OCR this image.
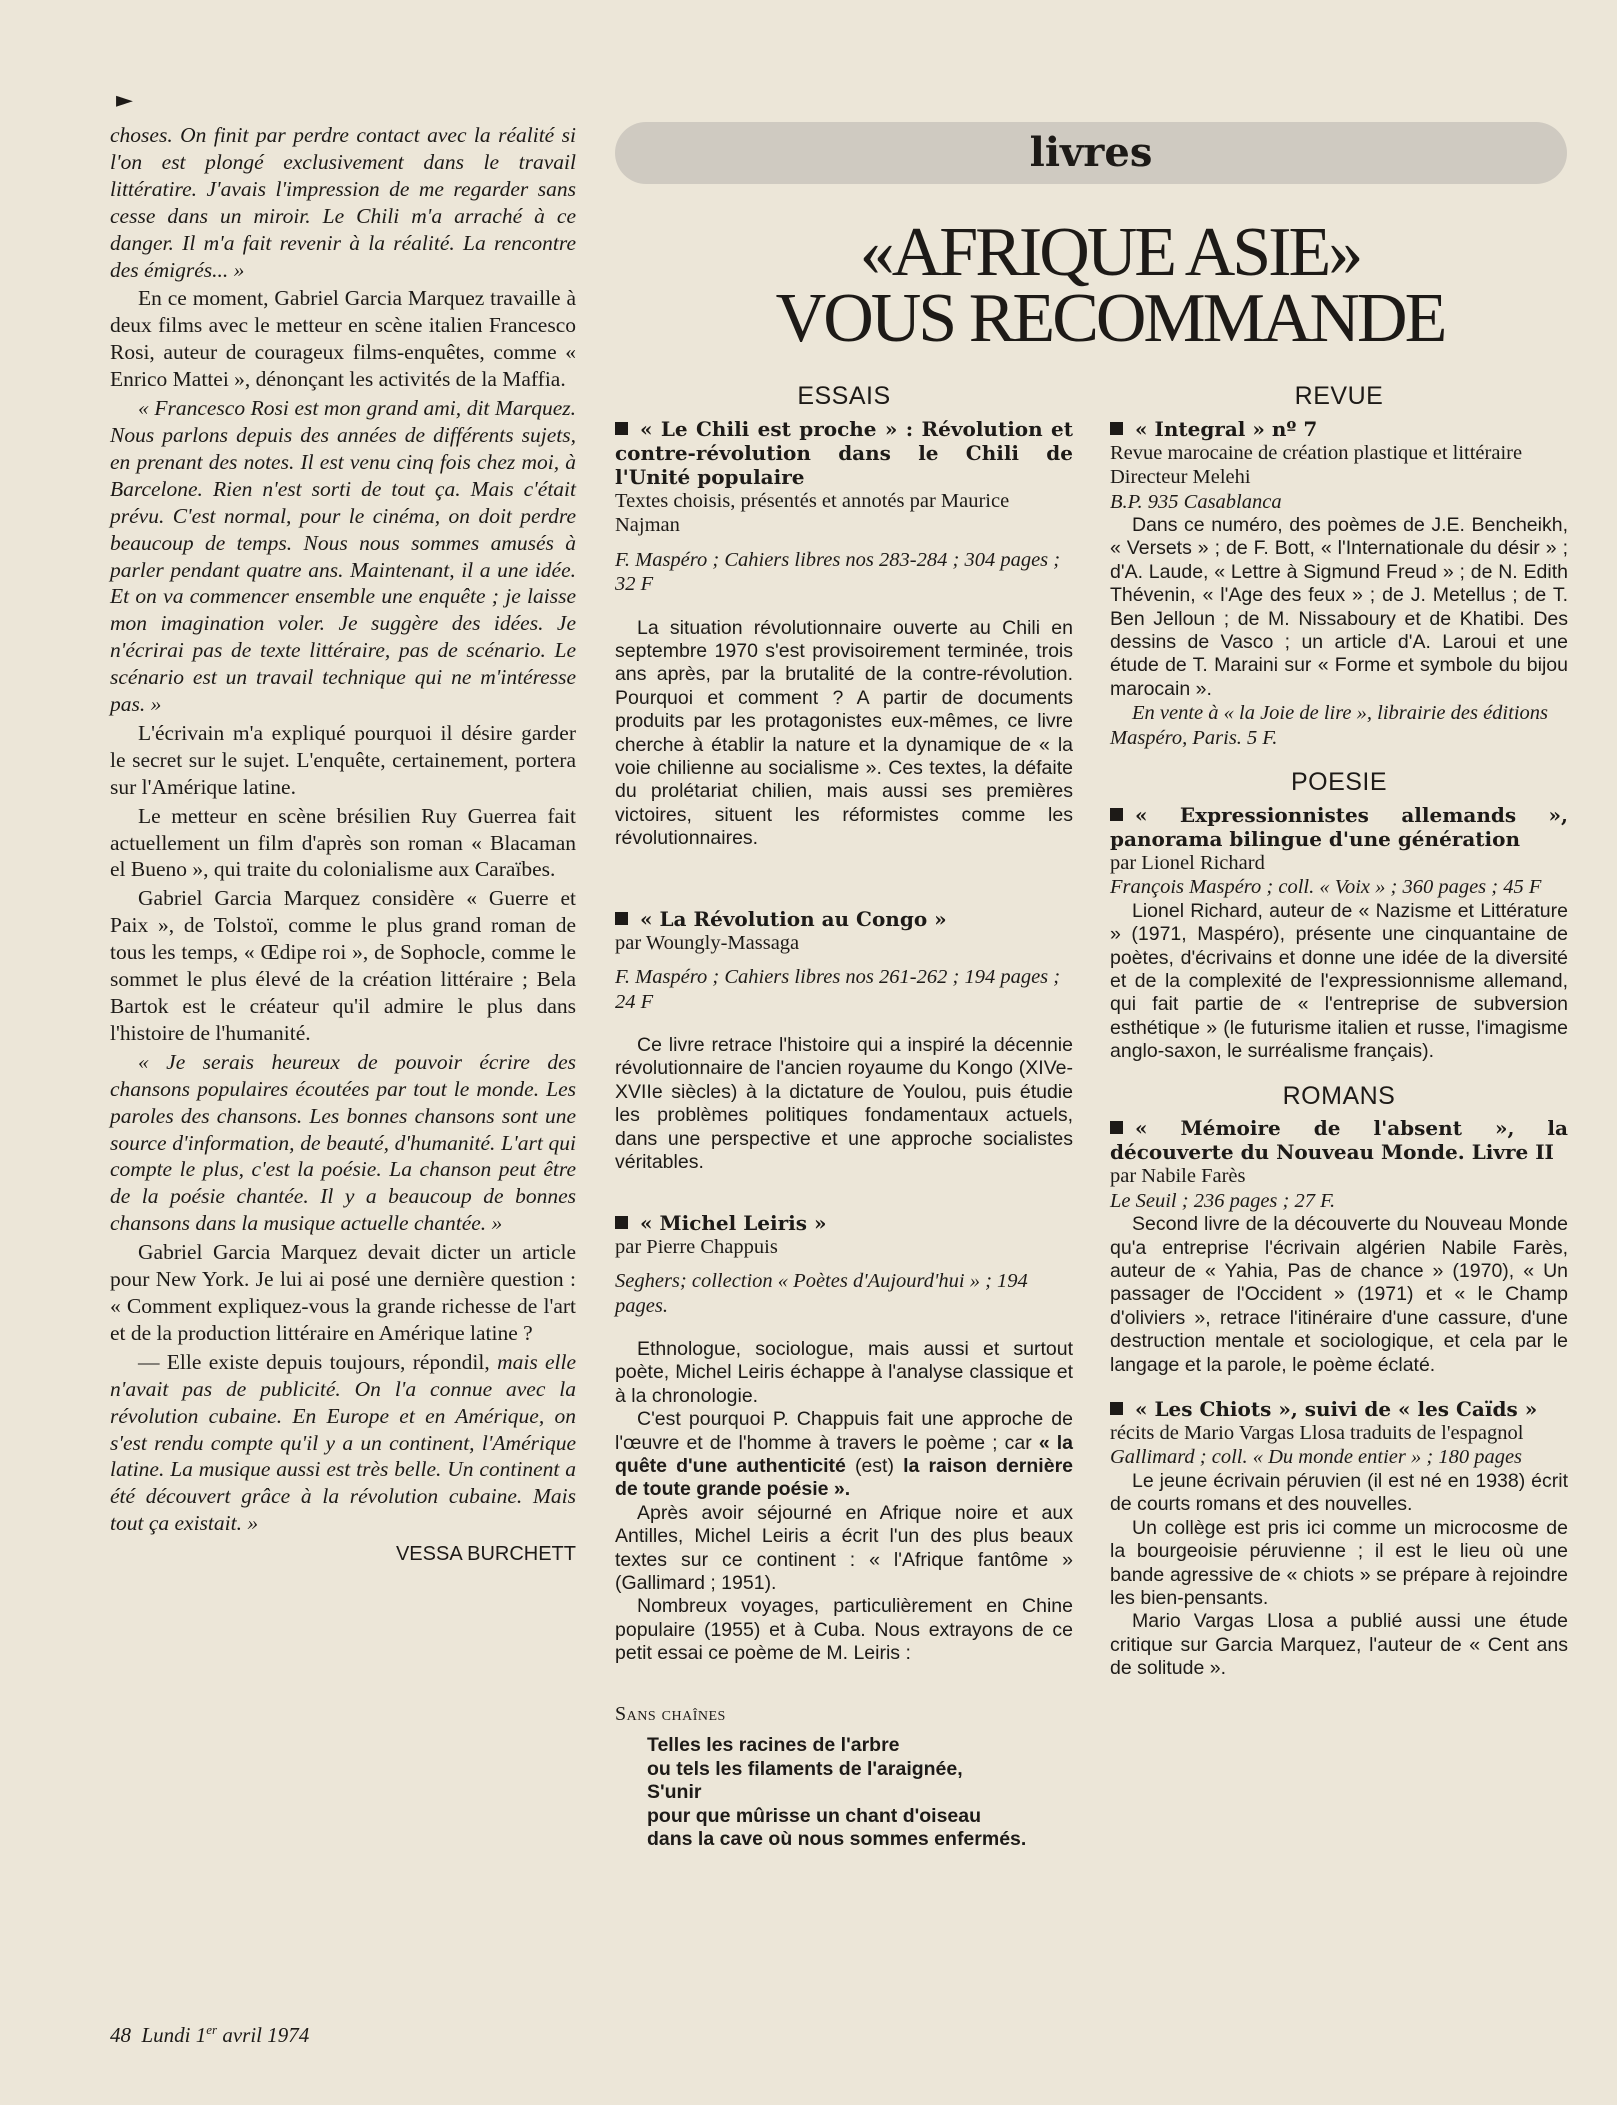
►

choses. On finit par perdre contact avec la réalité si l'on est plongé exclusivement dans le travail littératire. J'avais l'impression de me regarder sans cesse dans un miroir. Le Chili m'a arraché à ce danger. Il m'a fait revenir à la réalité. La rencontre des émigrés... »

En ce moment, Gabriel Garcia Marquez travaille à deux films avec le metteur en scène italien Francesco Rosi, auteur de courageux films-enquêtes, comme « Enrico Mattei », dénonçant les activités de la Maffia.

« Francesco Rosi est mon grand ami, dit Marquez. Nous parlons depuis des années de différents sujets, en prenant des notes. Il est venu cinq fois chez moi, à Barcelone. Rien n'est sorti de tout ça. Mais c'était prévu. C'est normal, pour le cinéma, on doit perdre beaucoup de temps. Nous nous sommes amusés à parler pendant quatre ans. Maintenant, il a une idée. Et on va commencer ensemble une enquête ; je laisse mon imagination voler. Je suggère des idées. Je n'écrirai pas de texte littéraire, pas de scénario. Le scénario est un travail technique qui ne m'intéresse pas. »

L'écrivain m'a expliqué pourquoi il désire garder le secret sur le sujet. L'enquête, certainement, portera sur l'Amérique latine.

Le metteur en scène brésilien Ruy Guerrea fait actuellement un film d'après son roman « Blacaman el Bueno », qui traite du colonialisme aux Caraïbes.

Gabriel Garcia Marquez considère « Guerre et Paix », de Tolstoï, comme le plus grand roman de tous les temps, « Œdipe roi », de Sophocle, comme le sommet le plus élevé de la création littéraire ; Bela Bartok est le créateur qu'il admire le plus dans l'histoire de l'humanité.

« Je serais heureux de pouvoir écrire des chansons populaires écoutées par tout le monde. Les paroles des chansons. Les bonnes chansons sont une source d'information, de beauté, d'humanité. L'art qui compte le plus, c'est la poésie. La chanson peut être de la poésie chantée. Il y a beaucoup de bonnes chansons dans la musique actuelle chantée. »

Gabriel Garcia Marquez devait dicter un article pour New York. Je lui ai posé une dernière question : « Comment expliquez-vous la grande richesse de l'art et de la production littéraire en Amérique latine ?

— Elle existe depuis toujours, répondil, mais elle n'avait pas de publicité. On l'a connue avec la révolution cubaine. En Europe et en Amérique, on s'est rendu compte qu'il y a un continent, l'Amérique latine. La musique aussi est très belle. Un continent a été découvert grâce à la révolution cubaine. Mais tout ça existait. »

VESSA BURCHETT
48 Lundi 1er avril 1974
livres
«AFRIQUE ASIE»
VOUS RECOMMANDE
ESSAIS
« Le Chili est proche » : Révolution et contre-révolution dans le Chili de l'Unité populaire
Textes choisis, présentés et annotés par Maurice Najman
F. Maspéro ; Cahiers libres nos 283-284 ; 304 pages ; 32 F

La situation révolutionnaire ouverte au Chili en septembre 1970 s'est provisoirement terminée, trois ans après, par la brutalité de la contre-révolution. Pourquoi et comment ? A partir de documents produits par les protagonistes eux-mêmes, ce livre cherche à établir la nature et la dynamique de « la voie chilienne au socialisme ». Ces textes, la défaite du prolétariat chilien, mais aussi ses premières victoires, situent les réformistes comme les révolutionnaires.

« La Révolution au Congo »
par Woungly-Massaga
F. Maspéro ; Cahiers libres nos 261-262 ; 194 pages ; 24 F

Ce livre retrace l'histoire qui a inspiré la décennie révolutionnaire de l'ancien royaume du Kongo (XIVe-XVIIe siècles) à la dictature de Youlou, puis étudie les problèmes politiques fondamentaux actuels, dans une perspective et une approche socialistes véritables.

« Michel Leiris »
par Pierre Chappuis
Seghers; collection « Poètes d'Aujourd'hui » ; 194 pages.

Ethnologue, sociologue, mais aussi et surtout poète, Michel Leiris échappe à l'analyse classique et à la chronologie.

C'est pourquoi P. Chappuis fait une approche de l'œuvre et de l'homme à travers le poème ; car « la quête d'une authenticité (est) la raison dernière de toute grande poésie ».

Après avoir séjourné en Afrique noire et aux Antilles, Michel Leiris a écrit l'un des plus beaux textes sur ce continent : « l'Afrique fantôme » (Gallimard ; 1951).

Nombreux voyages, particulièrement en Chine populaire (1955) et à Cuba. Nous extrayons de ce petit essai ce poème de M. Leiris :

Sans chaînes
Telles les racines de l'arbre
ou tels les filaments de l'araignée,
S'unir
pour que mûrisse un chant d'oiseau
dans la cave où nous sommes enfermés.
REVUE
« Integral » nº 7
Revue marocaine de création plastique et littéraire
Directeur Melehi
B.P. 935 Casablanca

Dans ce numéro, des poèmes de J.E. Bencheikh, « Versets » ; de F. Bott, « l'Internationale du désir » ; d'A. Laude, « Lettre à Sigmund Freud » ; de N. Edith Thévenin, « l'Age des feux » ; de J. Metellus ; de T. Ben Jelloun ; de M. Nissaboury et de Khatibi. Des dessins de Vasco ; un article d'A. Laroui et une étude de T. Maraini sur « Forme et symbole du bijou marocain ».

En vente à « la Joie de lire », librairie des éditions Maspéro, Paris. 5 F.
POESIE
« Expressionnistes allemands », panorama bilingue d'une génération
par Lionel Richard
François Maspéro ; coll. « Voix » ; 360 pages ; 45 F

Lionel Richard, auteur de « Nazisme et Littérature » (1971, Maspéro), présente une cinquantaine de poètes, d'écrivains et donne une idée de la diversité et de la complexité de l'expressionnisme allemand, qui fait partie de « l'entreprise de subversion esthétique » (le futurisme italien et russe, l'imagisme anglo-saxon, le surréalisme français).

ROMANS
« Mémoire de l'absent », la découverte du Nouveau Monde. Livre II
par Nabile Farès
Le Seuil ; 236 pages ; 27 F.

Second livre de la découverte du Nouveau Monde qu'a entreprise l'écrivain algérien Nabile Farès, auteur de « Yahia, Pas de chance » (1970), « Un passager de l'Occident » (1971) et « le Champ d'oliviers », retrace l'itinéraire d'une cassure, d'une destruction mentale et sociologique, et cela par le langage et la parole, le poème éclaté.

« Les Chiots », suivi de « les Caïds »
récits de Mario Vargas Llosa traduits de l'espagnol
Gallimard ; coll. « Du monde entier » ; 180 pages

Le jeune écrivain péruvien (il est né en 1938) écrit de courts romans et des nouvelles.

Un collège est pris ici comme un microcosme de la bourgeoisie péruvienne ; il est le lieu où une bande agressive de « chiots » se prépare à rejoindre les bien-pensants.

Mario Vargas Llosa a publié aussi une étude critique sur Garcia Marquez, l'auteur de « Cent ans de solitude ».
